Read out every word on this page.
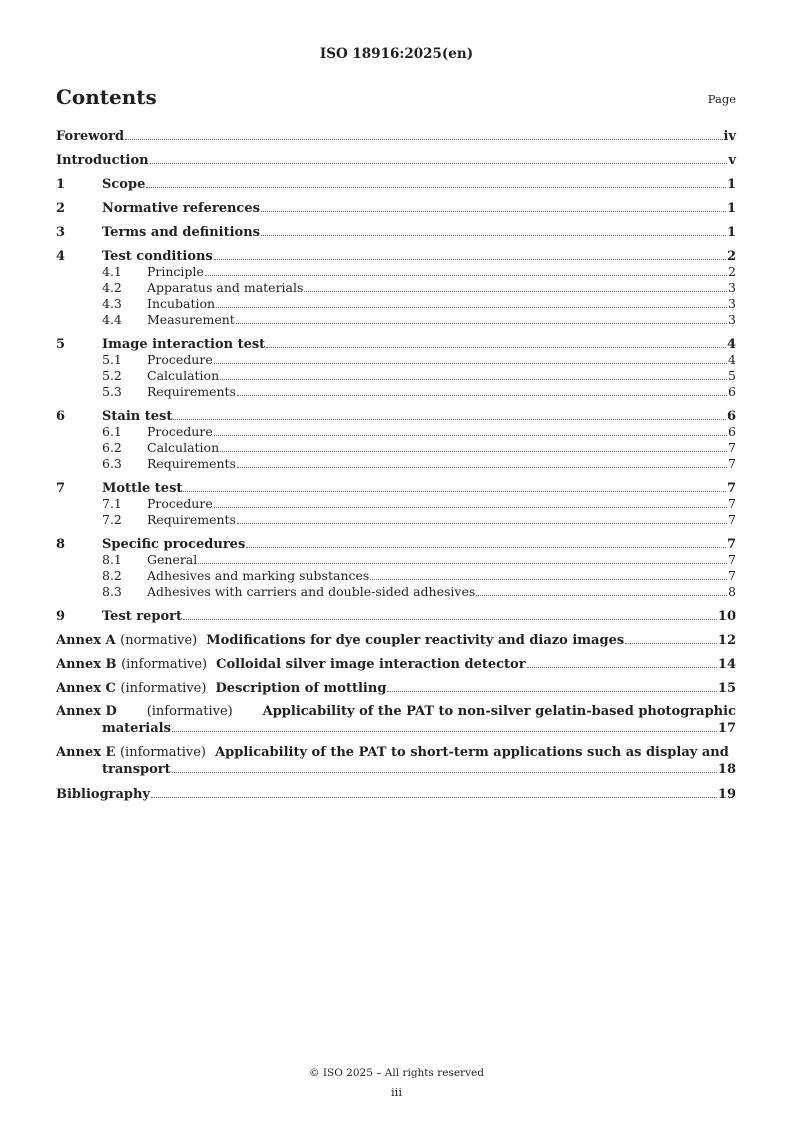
ISO 18916:2025(en)
Contents	Page
Foreword	iv
Introduction	v
1	Scope	1
2	Normative references	1
3	Terms and definitions	1
4	Test conditions	2
4.1	Principle	2
4.2	Apparatus and materials	3
4.3	Incubation	3
4.4	Measurement	3
5	Image interaction test	4
5.1	Procedure	4
5.2	Calculation	5
5.3	Requirements	6
6	Stain test	6
6.1	Procedure	6
6.2	Calculation	7
6.3	Requirements	7
7	Mottle test	7
7.1	Procedure	7
7.2	Requirements	7
8	Specific procedures	7
8.1	General	7
8.2	Adhesives and marking substances	7
8.3	Adhesives with carriers and double-sided adhesives	8
9	Test report	10
Annex A (normative) Modifications for dye coupler reactivity and diazo images	12
Annex B (informative) Colloidal silver image interaction detector	14
Annex C (informative) Description of mottling	15
Annex D (informative) Applicability of the PAT to non-silver gelatin-based photographic
materials	17
Annex E
(informative)
Applicability of the PAT to short-term applications such as display and
transport	18
Bibliography	19
© ISO 2025 – All rights reserved
iii
